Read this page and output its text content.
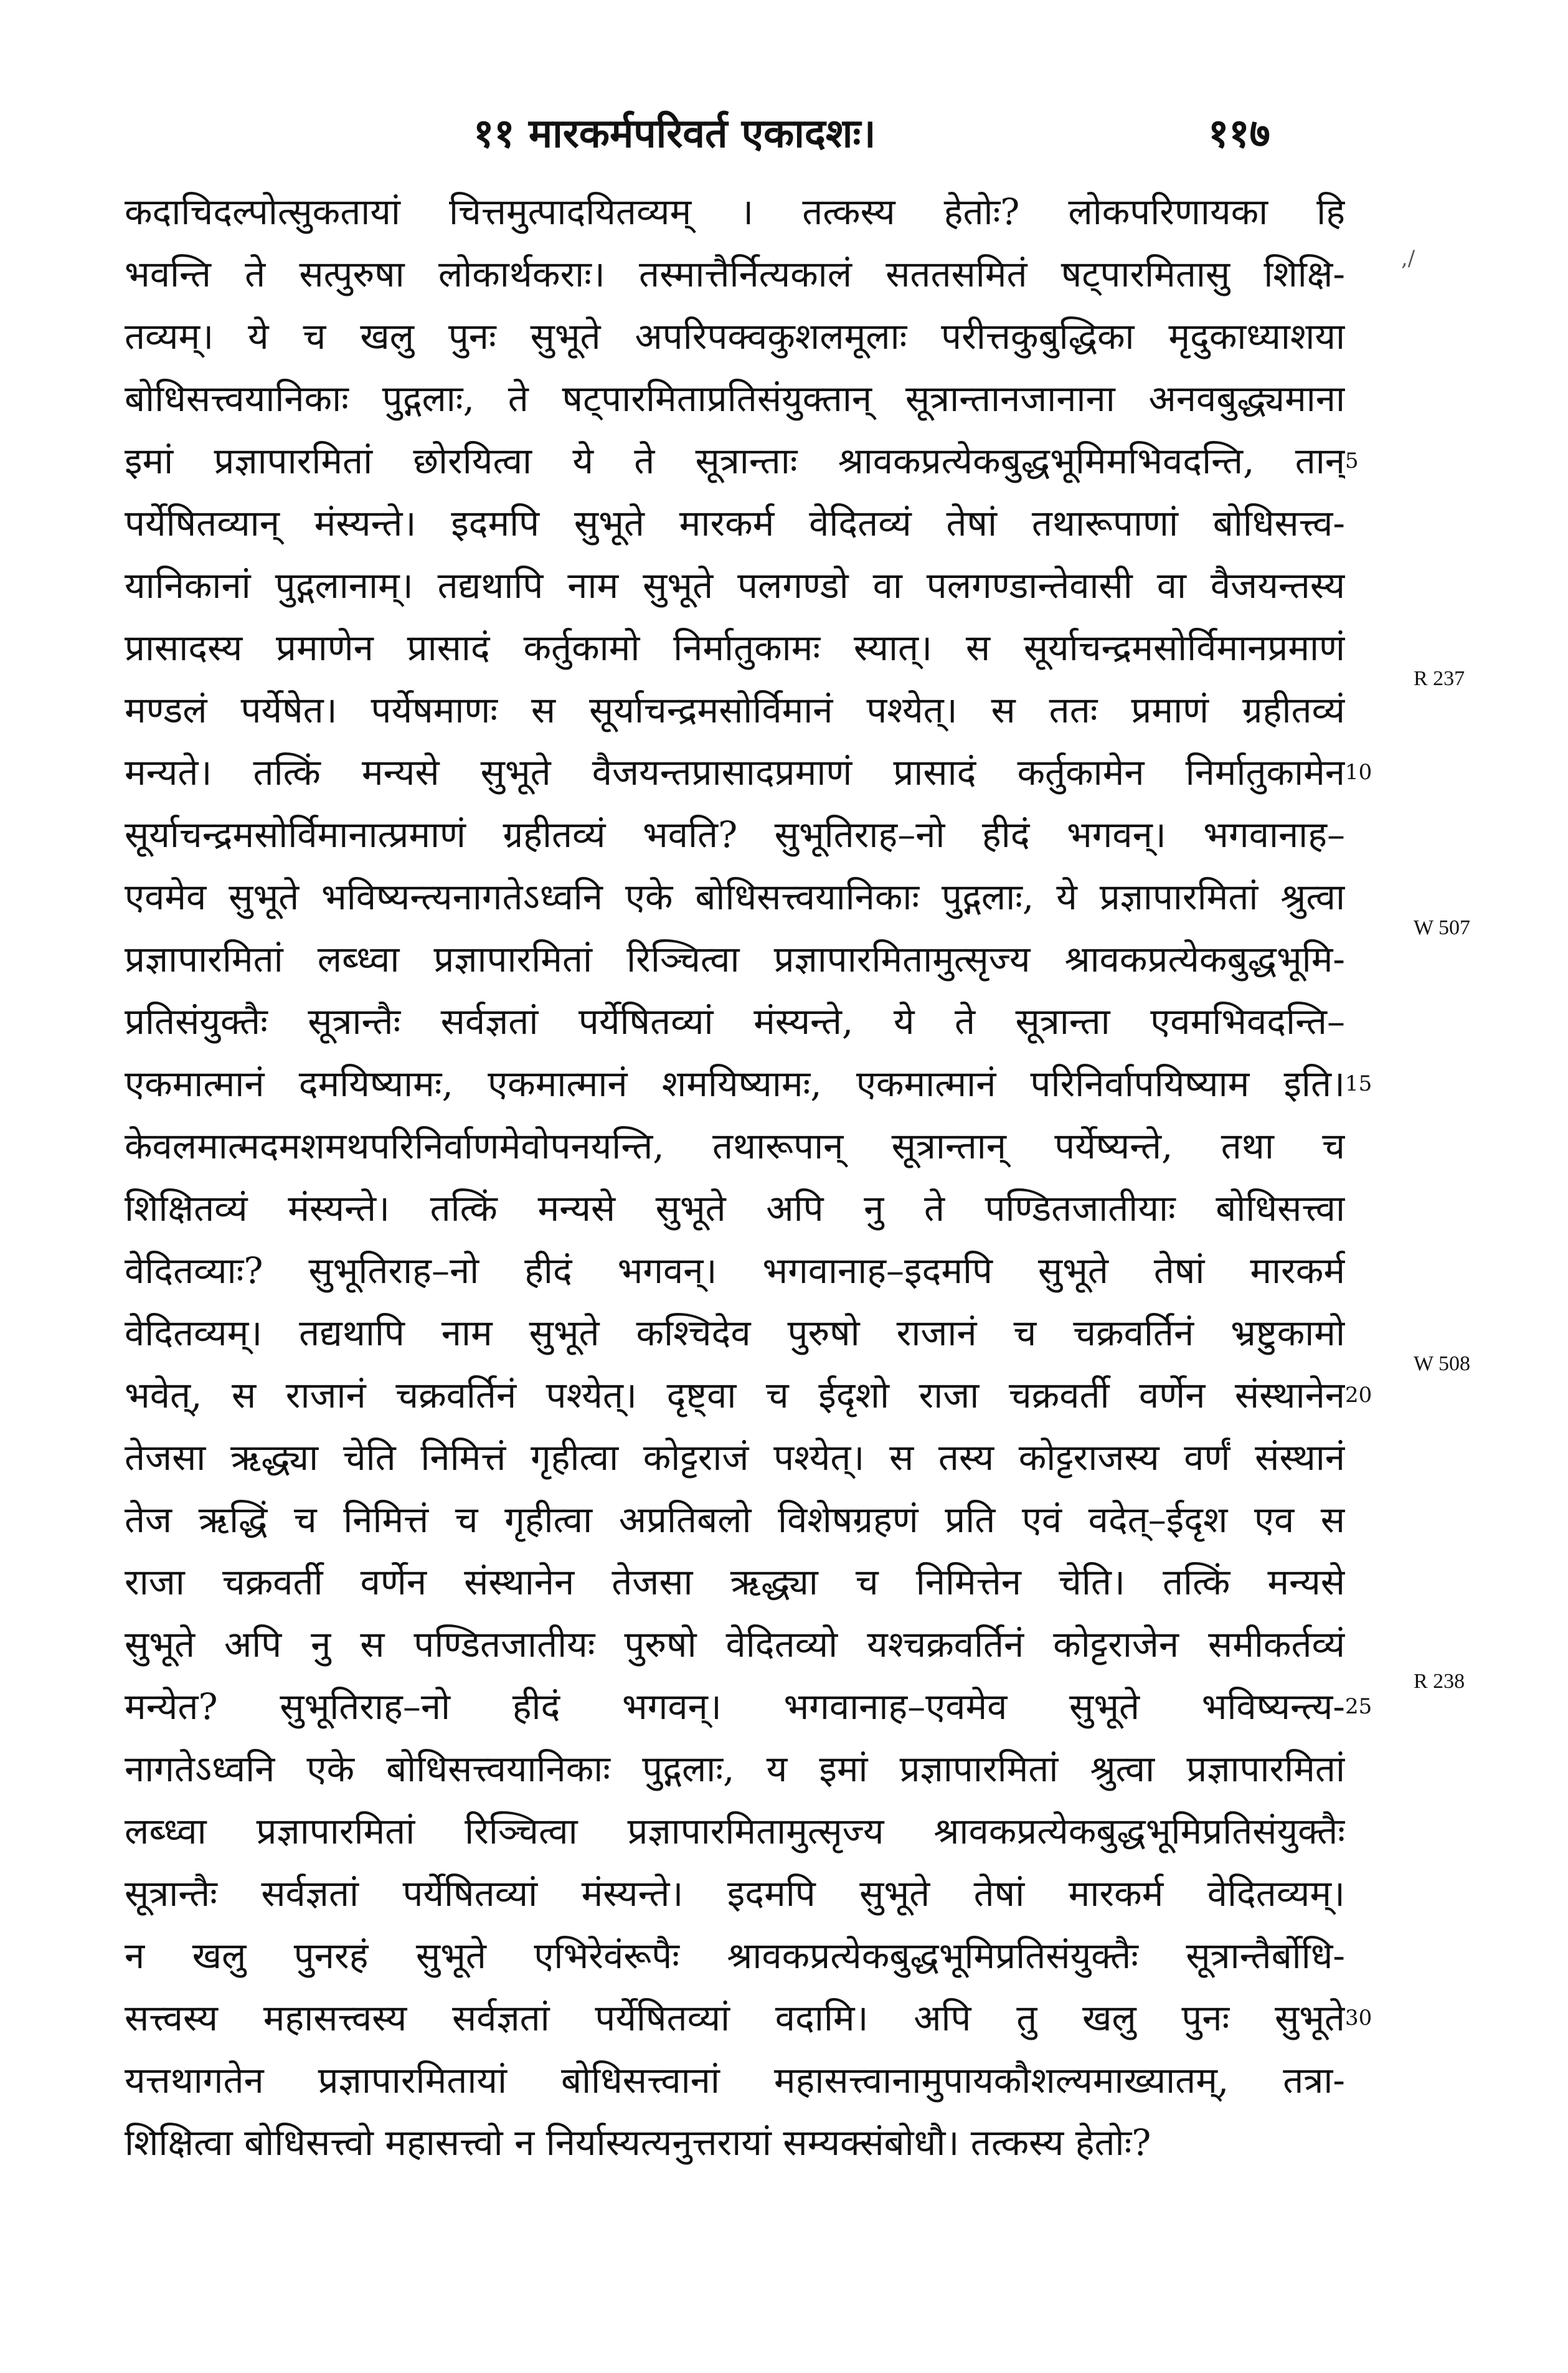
११ मारकर्मपरिवर्त एकादशः।	११७
,/
कदाचिदल्पोत्सुकतायां चित्तमुत्पादयितव्यम् । तत्कस्य हेतोः? लोकपरिणायका हि
भवन्ति ते सत्पुरुषा लोकार्थकराः। तस्मात्तैर्नित्यकालं सततसमितं षट्पारमितासु शिक्षि-
तव्यम्। ये च खलु पुनः सुभूते अपरिपक्वकुशलमूलाः परीत्तकुबुद्धिका मृदुकाध्याशया
बोधिसत्त्वयानिकाः पुद्गलाः, ते षट्पारमिताप्रतिसंयुक्तान् सूत्रान्तानजानाना अनवबुद्ध्यमाना
इमां प्रज्ञापारमितां छोरयित्वा ये ते सूत्रान्ताः श्रावकप्रत्येकबुद्धभूमिमभिवदन्ति, तान्
पर्येषितव्यान् मंस्यन्ते। इदमपि सुभूते मारकर्म वेदितव्यं तेषां तथारूपाणां बोधिसत्त्व-
यानिकानां पुद्गलानाम्। तद्यथापि नाम सुभूते पलगण्डो वा पलगण्डान्तेवासी वा वैजयन्तस्य
प्रासादस्य प्रमाणेन प्रासादं कर्तुकामो निर्मातुकामः स्यात्। स सूर्याचन्द्रमसोर्विमानप्रमाणं
मण्डलं पर्येषेत। पर्येषमाणः स सूर्याचन्द्रमसोर्विमानं पश्येत्। स ततः प्रमाणं ग्रहीतव्यं
मन्यते। तत्किं मन्यसे सुभूते वैजयन्तप्रासादप्रमाणं प्रासादं कर्तुकामेन निर्मातुकामेन
सूर्याचन्द्रमसोर्विमानात्प्रमाणं ग्रहीतव्यं भवति? सुभूतिराह–नो हीदं भगवन्। भगवानाह–
एवमेव सुभूते भविष्यन्त्यनागतेऽध्वनि एके बोधिसत्त्वयानिकाः पुद्गलाः, ये प्रज्ञापारमितां श्रुत्वा
प्रज्ञापारमितां लब्ध्वा प्रज्ञापारमितां रिञ्चित्वा प्रज्ञापारमितामुत्सृज्य श्रावकप्रत्येकबुद्धभूमि-
प्रतिसंयुक्तैः सूत्रान्तैः सर्वज्ञतां पर्येषितव्यां मंस्यन्ते, ये ते सूत्रान्ता एवमभिवदन्ति–
एकमात्मानं दमयिष्यामः, एकमात्मानं शमयिष्यामः, एकमात्मानं परिनिर्वापयिष्याम इति।
केवलमात्मदमशमथपरिनिर्वाणमेवोपनयन्ति, तथारूपान् सूत्रान्तान् पर्येष्यन्ते, तथा च
शिक्षितव्यं मंस्यन्ते। तत्किं मन्यसे सुभूते अपि नु ते पण्डितजातीयाः बोधिसत्त्वा
वेदितव्याः? सुभूतिराह–नो हीदं भगवन्। भगवानाह–इदमपि सुभूते तेषां मारकर्म
वेदितव्यम्। तद्यथापि नाम सुभूते कश्चिदेव पुरुषो राजानं च चक्रवर्तिनं भ्रष्टुकामो
भवेत्, स राजानं चक्रवर्तिनं पश्येत्। दृष्ट्वा च ईदृशो राजा चक्रवर्ती वर्णेन संस्थानेन
तेजसा ऋद्ध्या चेति निमित्तं गृहीत्वा कोट्टराजं पश्येत्। स तस्य कोट्टराजस्य वर्णं संस्थानं
तेज ऋद्धिं च निमित्तं च गृहीत्वा अप्रतिबलो विशेषग्रहणं प्रति एवं वदेत्–ईदृश एव स
राजा चक्रवर्ती वर्णेन संस्थानेन तेजसा ऋद्ध्या च निमित्तेन चेति। तत्किं मन्यसे
सुभूते अपि नु स पण्डितजातीयः पुरुषो वेदितव्यो यश्चक्रवर्तिनं कोट्टराजेन समीकर्तव्यं
मन्येत? सुभूतिराह–नो हीदं भगवन्। भगवानाह–एवमेव सुभूते भविष्यन्त्य-
नागतेऽध्वनि एके बोधिसत्त्वयानिकाः पुद्गलाः, य इमां प्रज्ञापारमितां श्रुत्वा प्रज्ञापारमितां
लब्ध्वा प्रज्ञापारमितां रिञ्चित्वा प्रज्ञापारमितामुत्सृज्य श्रावकप्रत्येकबुद्धभूमिप्रतिसंयुक्तैः
सूत्रान्तैः सर्वज्ञतां पर्येषितव्यां मंस्यन्ते। इदमपि सुभूते तेषां मारकर्म वेदितव्यम्।
न खलु पुनरहं सुभूते एभिरेवंरूपैः श्रावकप्रत्येकबुद्धभूमिप्रतिसंयुक्तैः सूत्रान्तैर्बोधि-
सत्त्वस्य महासत्त्वस्य सर्वज्ञतां पर्येषितव्यां वदामि। अपि तु खलु पुनः सुभूते
यत्तथागतेन प्रज्ञापारमितायां बोधिसत्त्वानां महासत्त्वानामुपायकौशल्यमाख्यातम्, तत्रा-
शिक्षित्वा बोधिसत्त्वो महासत्त्वो न निर्यास्यत्यनुत्तरायां सम्यक्संबोधौ। तत्कस्य हेतोः?
5
10
15
20
25
30
R 237
W 507
W 508
R 238
